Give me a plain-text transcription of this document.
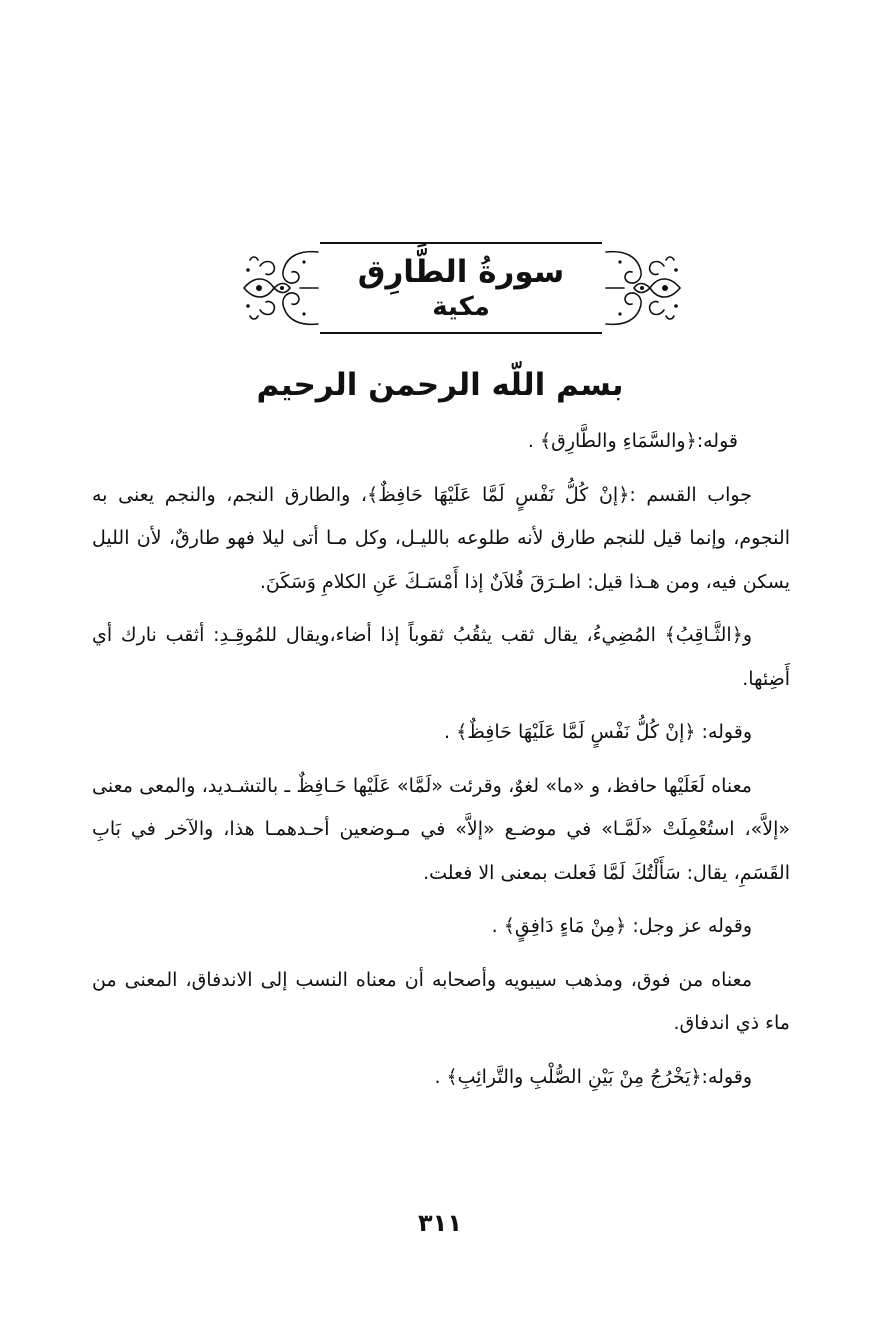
سورةُ الطَّارِق
مكية
بسم اللّه الرحمن الرحيم

قوله:﴿والسَّمَاءِ والطَّارِق﴾ .

جواب القسم :﴿إنْ كُلُّ نَفْسٍ لَمَّا عَلَيْهَا حَافِظٌ﴾، والطارق النجم، والنجم يعنى به النجوم، وإنما قيل للنجم طارق لأنه طلوعه بالليـل، وكل مـا أتى ليلا فهو طارقٌ، لأن الليل يسكن فيه، ومن هـذا قيل: اطـرَقَ فُلاَنٌ إذا أَمْسَـكَ عَنِ الكلامِ وَسَكَنَ.

و﴿الثَّـاقِبُ﴾ المُضِيءُ، يقال ثقب يثقُبُ ثقوباً إذا أضاء،ويقال للمُوقِـدِ: أثقب نارك أي أَضِئها.

وقوله: ﴿إنْ كُلُّ نَفْسٍ لَمَّا عَلَيْهَا حَافِظٌ﴾ .

معناه لَعَلَيْها حافظ، و «ما» لغوٌ، وقرئت «لَمَّا» عَلَيْها حَـافِظٌ ـ بالتشـديد، والمعى معنى «إلاَّ»، استُعْمِلَتْ «لَمَّـا» في موضـع «إلاَّ» في مـوضعين أحـدهمـا هذا، والآخر في بَابِ القَسَمِ، يقال: سَأَلْتُكَ لَمَّا فَعلت بمعنى الا فعلت.

وقوله عز وجل: ﴿مِنْ مَاءٍ دَافِقٍ﴾ .

معناه من فوق، ومذهب سيبويه وأصحابه أن معناه النسب إلى الاندفاق، المعنى من ماء ذي اندفاق.

وقوله:﴿يَخْرُجُ مِنْ بَيْنِ الصُّلْبِ والتَّرائِبِ﴾ .

٣١١
